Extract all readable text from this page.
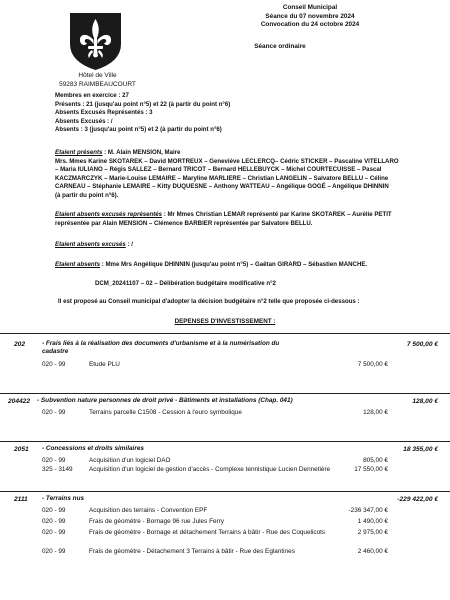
Hôtel de Ville
59283 RAIMBEAUCOURT
Conseil Municipal
Séance du 07 novembre 2024
Convocation du 24 octobre 2024
Séance ordinaire
Membres en exercice : 27
Présents : 21 (jusqu'au point n°5) et 22 (à partir du point n°6)
Absents Excusés Représentés : 3
Absents Excusés : /
Absents : 3 (jusqu'au point n°5) et 2 (à partir du point n°6)
Etaient présents : M. Alain MENSION, Maire
Mrs. Mmes Karine SKOTAREK – David MORTREUX – Geneviève LECLERCQ– Cédric STICKER – Pascaline VITELLARO
– Maria IULIANO – Régis SALLEZ – Bernard TRICOT – Bernard HELLEBUYCK – Michel COURTECUISSE – Pascal
KACZMARCZYK – Marie-Louise LEMAIRE – Maryline MARLIERE – Christian LANGELIN – Salvatore BELLU – Céline
CARNEAU – Stéphanie LEMAIRE – Kitty DUQUESNE – Anthony WATTEAU – Angélique GOGÉ – Angélique DHINNIN
(à partir du point n°6).
Etaient absents excusés représentés : Mr Mmes Christian LEMAR représenté par Karine SKOTAREK – Aurélie PETIT
représentée par Alain MENSION – Clémence BARBIER représentée par Salvatore BELLU.
Etaient absents excusés : /
Etaient absents : Mme Mrs Angélique DHINNIN (jusqu'au point n°5) – Gaëtan GIRARD – Sébastien MANCHE.
DCM_20241107 – 02 – Délibération budgétaire modificative n°2
Il est proposé au Conseil municipal d'adopter la décision budgétaire n°2 telle que proposée ci-dessous :
DEPENSES D'INVESTISSEMENT :
202	- Frais liés à la réalisation des documents d'urbanisme et à la numérisation du
cadastre
7 500,00 €
020 - 99	Etude PLU	7 500,00 €
204422 - Subvention nature personnes de droit privé - Bâtiments et installations (Chap. 041)	128,00 €
020 - 99	Terrains parcelle C1508 - Cession à l'euro symbolique	128,00 €
2051 - Concessions et droits similaires	18 355,00 €
020 - 99	Acquisition d'un logiciel DAO	805,00 €
325 - 3149	Acquisition d'un logiciel de gestion d'accès - Complexe tennistique Lucien Dennetière	17 550,00 €
2111 - Terrains nus	-229 422,00 €
020 - 99	Acquisition des terrains - Convention EPF	-236 347,00 €
020 - 99	Frais de géomètre - Bornage 96 rue Jules Ferry	1 490,00 €
020 - 99	Frais de géomètre - Bornage et détachement Terrains à bâtir - Rue des Coquelicots	2 975,00 €
020 - 99	Frais de géomètre - Détachement 3 Terrains à bâtir - Rue des Eglantines	2 460,00 €
